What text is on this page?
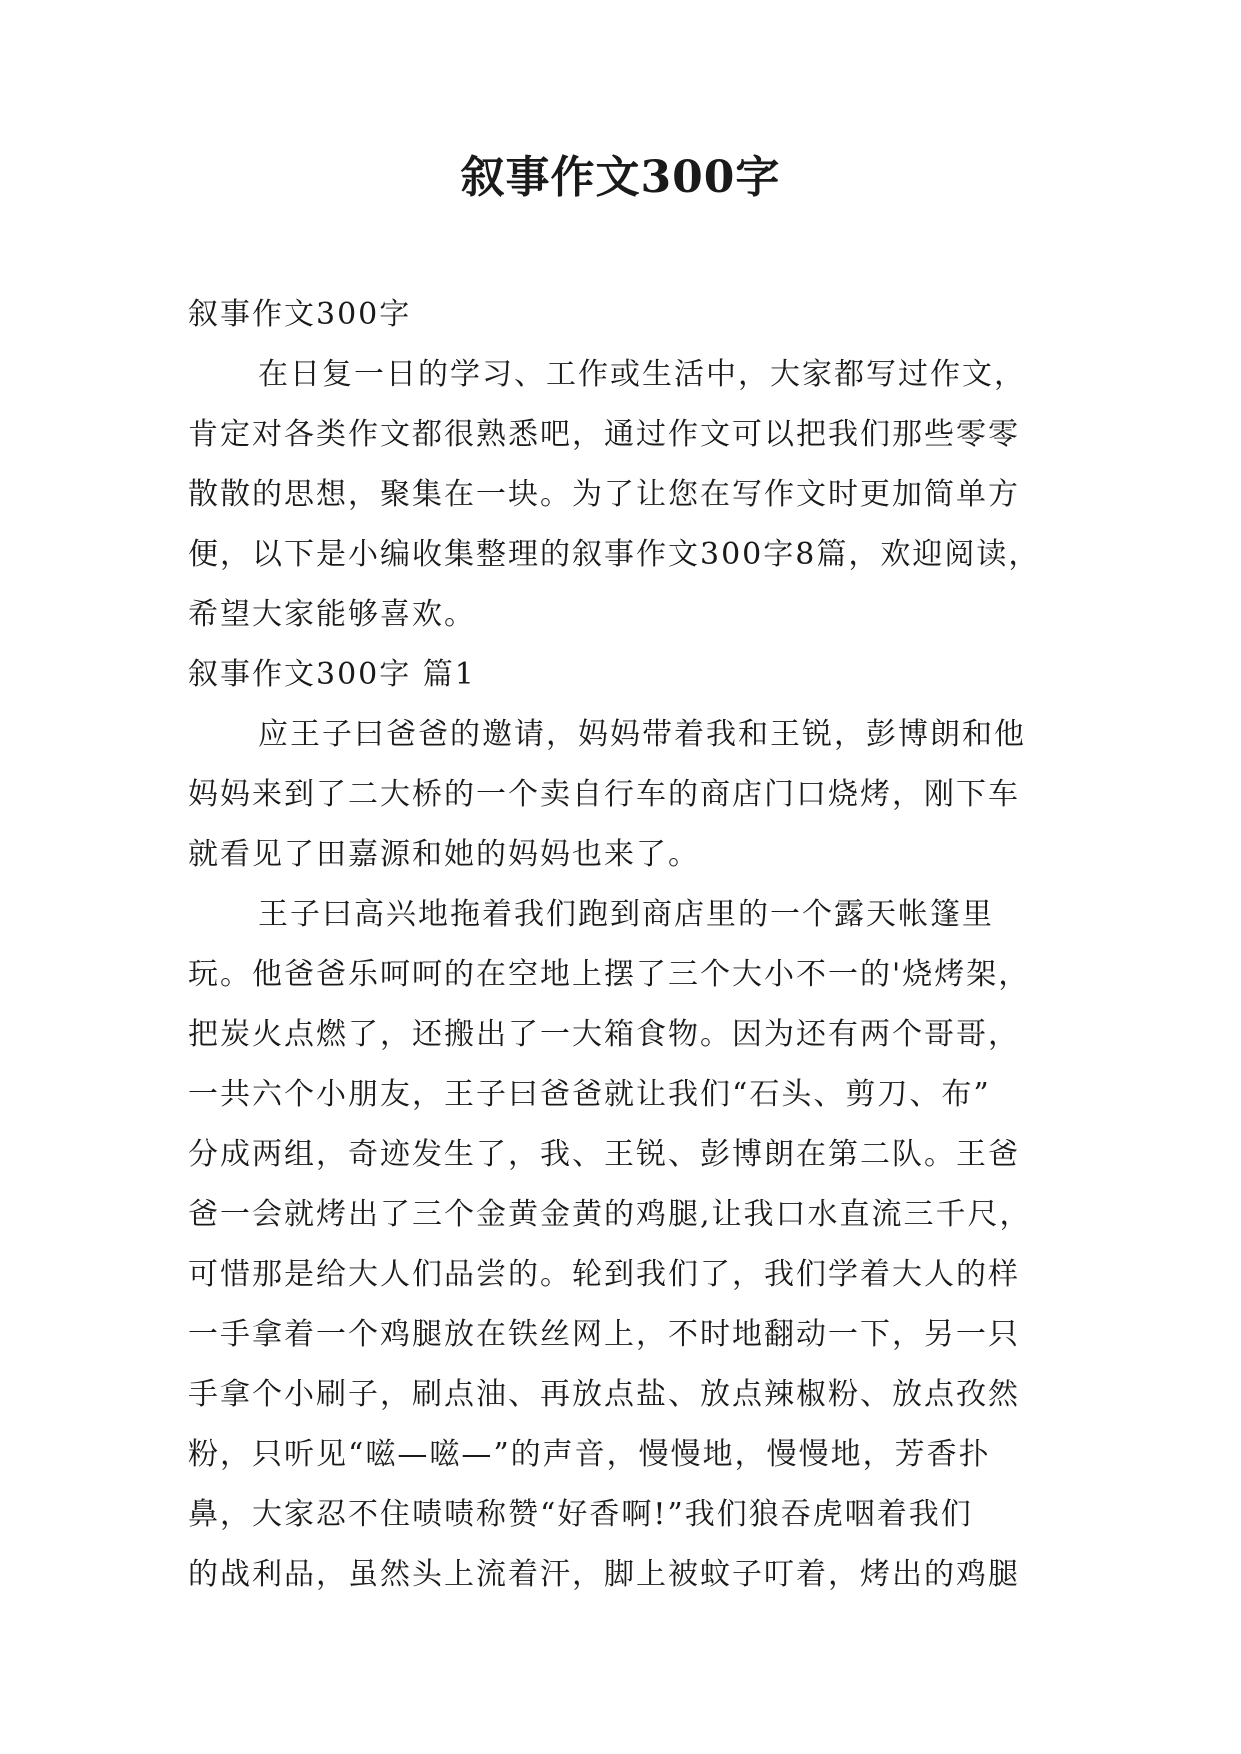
叙事作文300字
叙事作文300字
在日复一日的学习、工作或生活中，大家都写过作文，
肯定对各类作文都很熟悉吧，通过作文可以把我们那些零零
散散的思想，聚集在一块。为了让您在写作文时更加简单方
便，以下是小编收集整理的叙事作文300字8篇，欢迎阅读，
希望大家能够喜欢。
叙事作文300字 篇1
应王子曰爸爸的邀请，妈妈带着我和王锐，彭博朗和他
妈妈来到了二大桥的一个卖自行车的商店门口烧烤，刚下车
就看见了田嘉源和她的妈妈也来了。
王子曰高兴地拖着我们跑到商店里的一个露天帐篷里
玩。他爸爸乐呵呵的在空地上摆了三个大小不一的'烧烤架，
把炭火点燃了，还搬出了一大箱食物。因为还有两个哥哥，
一共六个小朋友，王子曰爸爸就让我们“石头、剪刀、布”
分成两组，奇迹发生了，我、王锐、彭博朗在第二队。王爸
爸一会就烤出了三个金黄金黄的鸡腿,让我口水直流三千尺，
可惜那是给大人们品尝的。轮到我们了，我们学着大人的样
一手拿着一个鸡腿放在铁丝网上，不时地翻动一下，另一只
手拿个小刷子，刷点油、再放点盐、放点辣椒粉、放点孜然
粉，只听见“嗞—嗞—”的声音，慢慢地，慢慢地，芳香扑
鼻，大家忍不住啧啧称赞“好香啊!”我们狼吞虎咽着我们
的战利品，虽然头上流着汗，脚上被蚊子叮着，烤出的鸡腿
